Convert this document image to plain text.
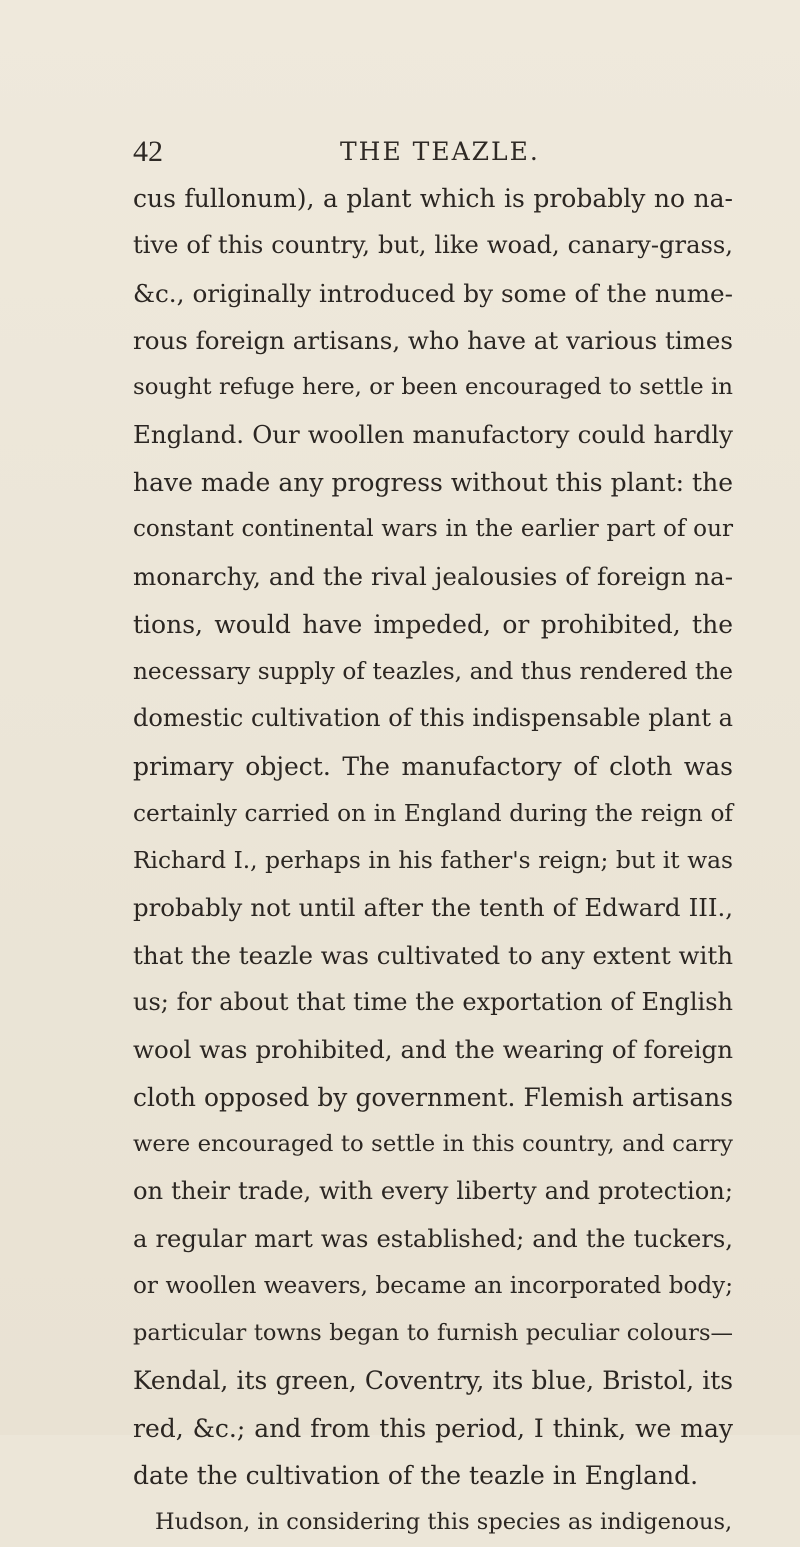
42	THE TEAZLE.
cus fullonum), a plant which is probably no na-
tive of this country, but, like woad, canary-grass,
&c., originally introduced by some of the nume-
rous foreign artisans, who have at various times
sought refuge here, or been encouraged to settle in
England. Our woollen manufactory could hardly
have made any progress without this plant: the
constant continental wars in the earlier part of our
monarchy, and the rival jealousies of foreign na-
tions, would have impeded, or prohibited, the
necessary supply of teazles, and thus rendered the
domestic cultivation of this indispensable plant a
primary object. The manufactory of cloth was
certainly carried on in England during the reign of
Richard I., perhaps in his father's reign; but it was
probably not until after the tenth of Edward III.,
that the teazle was cultivated to any extent with
us; for about that time the exportation of English
wool was prohibited, and the wearing of foreign
cloth opposed by government. Flemish artisans
were encouraged to settle in this country, and carry
on their trade, with every liberty and protection;
a regular mart was established; and the tuckers,
or woollen weavers, became an incorporated body;
particular towns began to furnish peculiar colours—
Kendal, its green, Coventry, its blue, Bristol, its
red, &c.; and from this period, I think, we may
date the cultivation of the teazle in England.
Hudson, in considering this species as indigenous,
